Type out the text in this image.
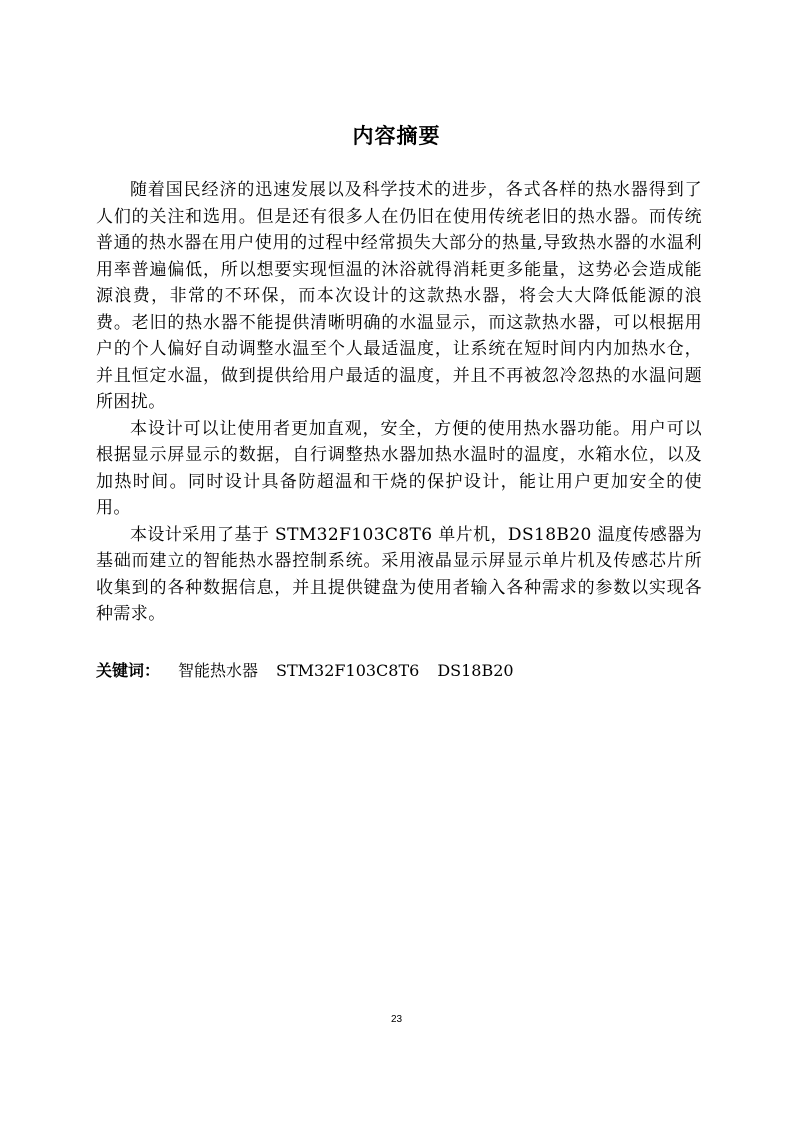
内容摘要

随着国民经济的迅速发展以及科学技术的进步，各式各样的热水器得到了人们的关注和选用。但是还有很多人在仍旧在使用传统老旧的热水器。而传统普通的热水器在用户使用的过程中经常损失大部分的热量,导致热水器的水温利用率普遍偏低，所以想要实现恒温的沐浴就得消耗更多能量，这势必会造成能源浪费，非常的不环保，而本次设计的这款热水器，将会大大降低能源的浪费。老旧的热水器不能提供清晰明确的水温显示，而这款热水器，可以根据用户的个人偏好自动调整水温至个人最适温度，让系统在短时间内内加热水仓，并且恒定水温，做到提供给用户最适的温度，并且不再被忽冷忽热的水温问题所困扰。

本设计可以让使用者更加直观，安全，方便的使用热水器功能。用户可以根据显示屏显示的数据，自行调整热水器加热水温时的温度，水箱水位，以及加热时间。同时设计具备防超温和干烧的保护设计，能让用户更加安全的使用。

本设计采用了基于 STM32F103C8T6 单片机，DS18B20 温度传感器为基础而建立的智能热水器控制系统。采用液晶显示屏显示单片机及传感芯片所收集到的各种数据信息，并且提供键盘为使用者输入各种需求的参数以实现各种需求。

关键词： 智能热水器 STM32F103C8T6 DS18B20
23
